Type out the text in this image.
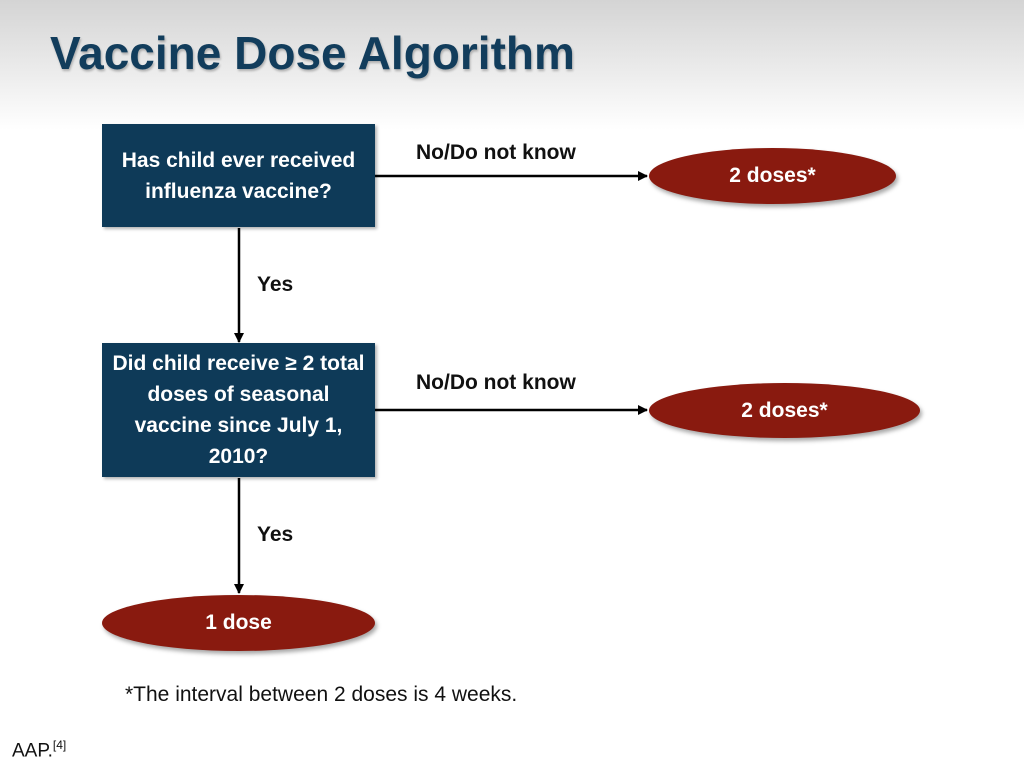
Vaccine Dose Algorithm
Has child ever received influenza vaccine?
No/Do not know
2 doses*
Yes
Did child receive ≥ 2 total doses of seasonal vaccine since July 1, 2010?
No/Do not know
2 doses*
Yes
1 dose
*The interval between 2 doses is 4 weeks.
AAP.[4]
